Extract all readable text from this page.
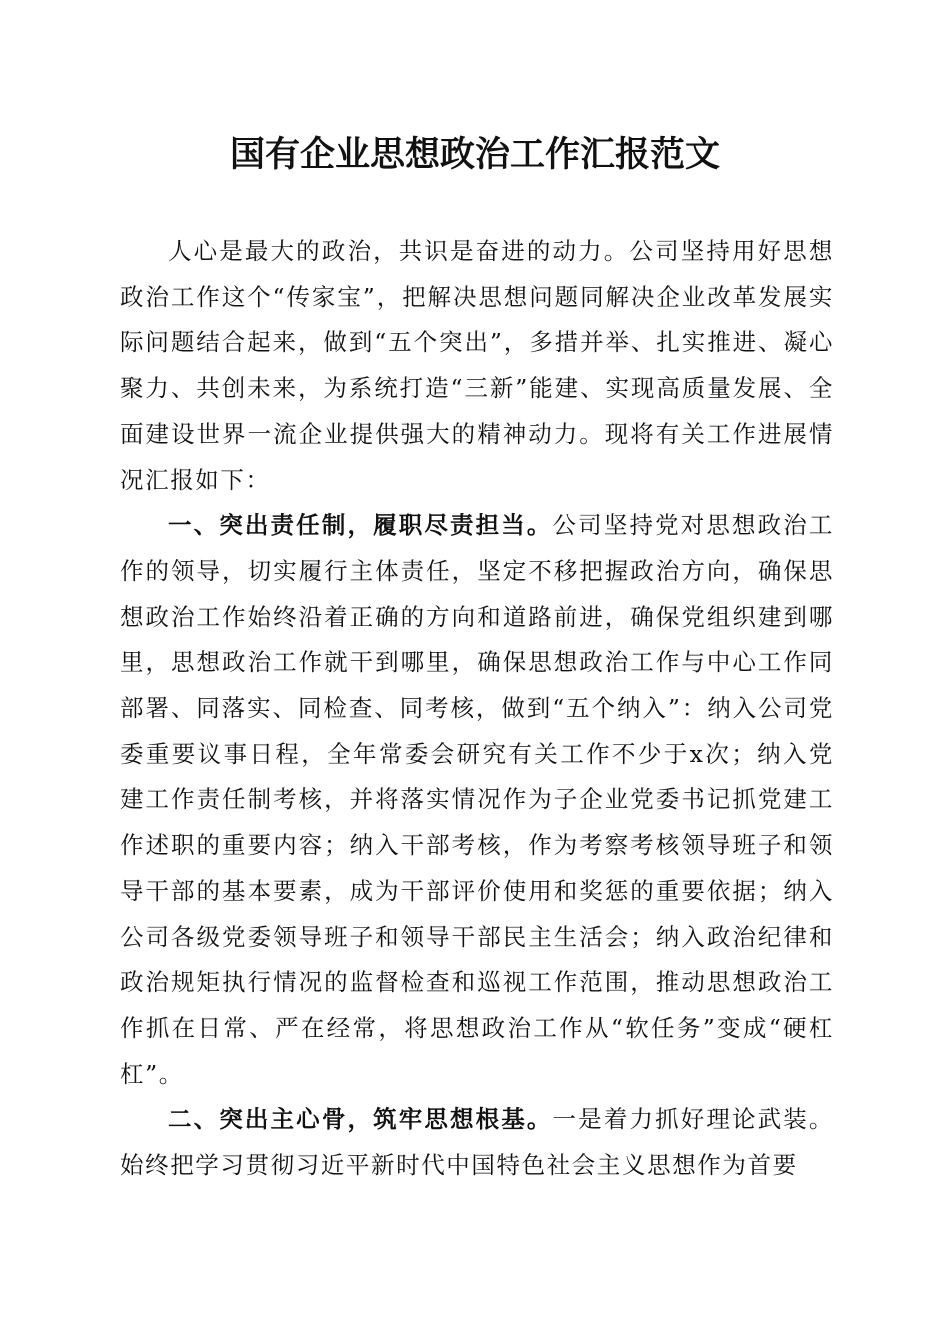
国有企业思想政治工作汇报范文

人心是最大的政治，共识是奋进的动力。公司坚持用好思想政治工作这个“传家宝”，把解决思想问题同解决企业改革发展实际问题结合起来，做到“五个突出”，多措并举、扎实推进、凝心聚力、共创未来，为系统打造“三新”能建、实现高质量发展、全面建设世界一流企业提供强大的精神动力。现将有关工作进展情况汇报如下：

一、突出责任制，履职尽责担当。公司坚持党对思想政治工作的领导，切实履行主体责任，坚定不移把握政治方向，确保思想政治工作始终沿着正确的方向和道路前进，确保党组织建到哪里，思想政治工作就干到哪里，确保思想政治工作与中心工作同部署、同落实、同检查、同考核，做到“五个纳入”：纳入公司党委重要议事日程，全年常委会研究有关工作不少于x次；纳入党建工作责任制考核，并将落实情况作为子企业党委书记抓党建工作述职的重要内容；纳入干部考核，作为考察考核领导班子和领导干部的基本要素，成为干部评价使用和奖惩的重要依据；纳入公司各级党委领导班子和领导干部民主生活会；纳入政治纪律和政治规矩执行情况的监督检查和巡视工作范围，推动思想政治工作抓在日常、严在经常，将思想政治工作从“软任务”变成“硬杠杠”。

二、突出主心骨，筑牢思想根基。一是着力抓好理论武装。始终把学习贯彻习近平新时代中国特色社会主义思想作为首要
